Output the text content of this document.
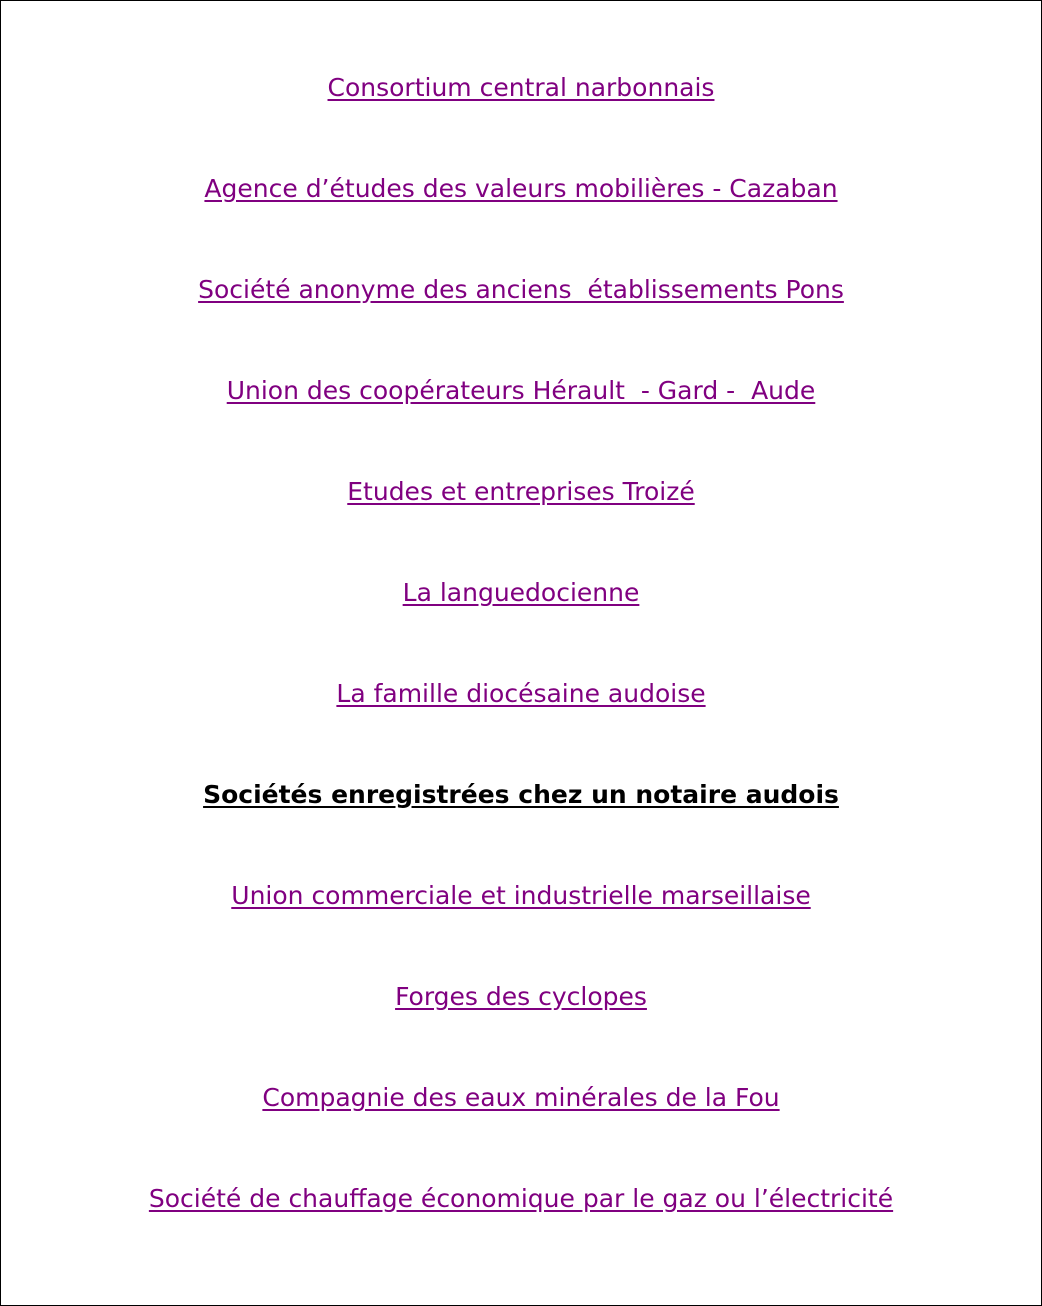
Consortium central narbonnais
Agence d’études des valeurs mobilières - Cazaban
Société anonyme des anciens  établissements Pons
Union des coopérateurs Hérault  - Gard -  Aude
Etudes et entreprises Troizé
La languedocienne
La famille diocésaine audoise
Sociétés enregistrées chez un notaire audois
Union commerciale et industrielle marseillaise
Forges des cyclopes
Compagnie des eaux minérales de la Fou
Société de chauffage économique par le gaz ou l’électricité
